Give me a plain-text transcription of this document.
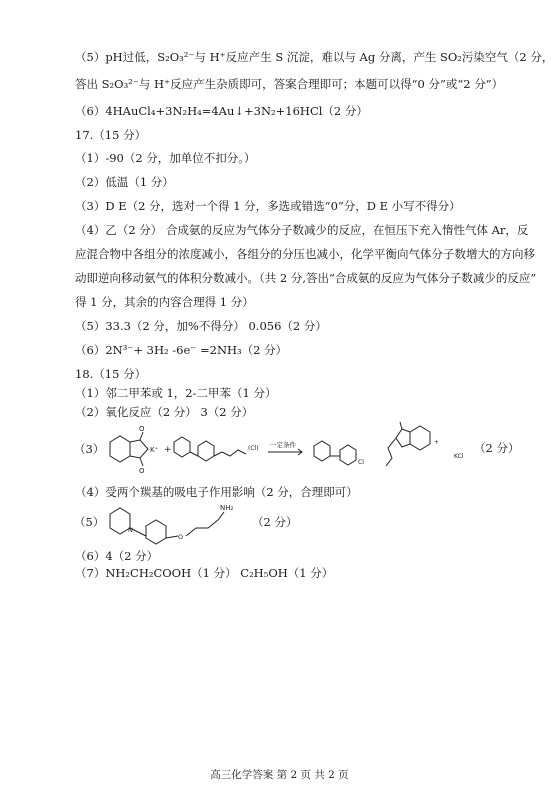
（5）pH过低，S₂O₃²⁻与 H⁺反应产生 S 沉淀，难以与 Ag 分离，产生 SO₂污染空气（2 分，
答出 S₂O₃²⁻与 H⁺反应产生杂质即可，答案合理即可；本题可以得“0 分”或“2 分”）
（6）4HAuCl₄+3N₂H₄=4Au↓+3N₂+16HCl（2 分）
17.（15 分）
（1）-90（2 分，加单位不扣分。）
（2）低温（1 分）
（3）D E（2 分，选对一个得 1 分，多选或错选“0”分，D E 小写不得分）
（4）乙（2 分） 合成氨的反应为气体分子数减少的反应，在恒压下充入惰性气体 Ar，反
应混合物中各组分的浓度减小，各组分的分压也减小，化学平衡向气体分子数增大的方向移
动即逆向移动氨气的体积分数减小。（共 2 分,答出“合成氨的反应为气体分子数减少的反应”
得 1 分，其余的内容合理得 1 分）
（5）33.3（2 分，加%不得分） 0.056（2 分）
（6）2N³⁻+ 3H₂ -6e⁻ =2NH₃（2 分）
18.（15 分）
（1）邻二甲苯或 1，2-二甲苯（1 分）
（2）氧化反应（2 分） 3（2 分）
（4）受两个羰基的吸电子作用影响（2 分，合理即可）
（6）4（2 分）
（7）NH₂CH₂COOH（1 分） C₂H₅OH（1 分）
（3）
O
O
K⁺ +	(Cl) 一定条件
Cl
+
KCl
（2 分）
（5）
N
O
NH₂
（2 分）
高三化学答案 第 2 页 共 2 页
